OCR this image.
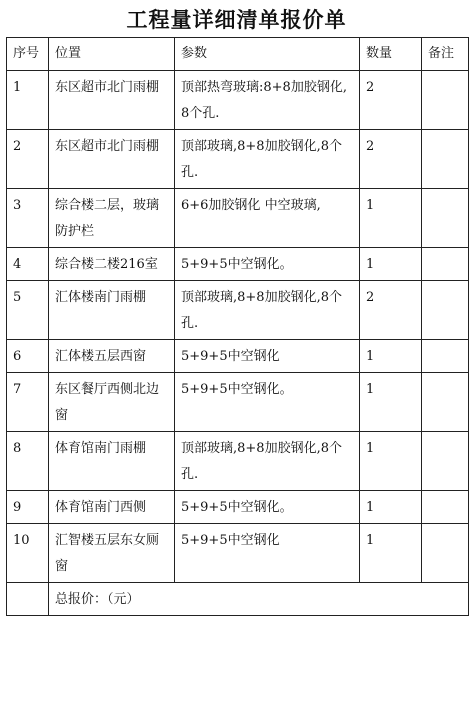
工程量详细清单报价单
序号	位置	参数	数量	备注
1	东区超市北门雨棚	顶部热弯玻璃:8+8加胶钢化,8个孔.	2	
2	东区超市北门雨棚	顶部玻璃,8+8加胶钢化,8个孔.	2	
3	综合楼二层，玻璃防护栏	6+6加胶钢化 中空玻璃,	1	
4	综合楼二楼216室	5+9+5中空钢化。	1	
5	汇体楼南门雨棚	顶部玻璃,8+8加胶钢化,8个孔.	2	
6	汇体楼五层西窗	5+9+5中空钢化	1	
7	东区餐厅西侧北边窗	5+9+5中空钢化。	1	
8	体育馆南门雨棚	顶部玻璃,8+8加胶钢化,8个孔.	1	
9	体育馆南门西侧	5+9+5中空钢化。	1	
10	汇智楼五层东女厕窗	5+9+5中空钢化	1	
	总报价：（元）			
